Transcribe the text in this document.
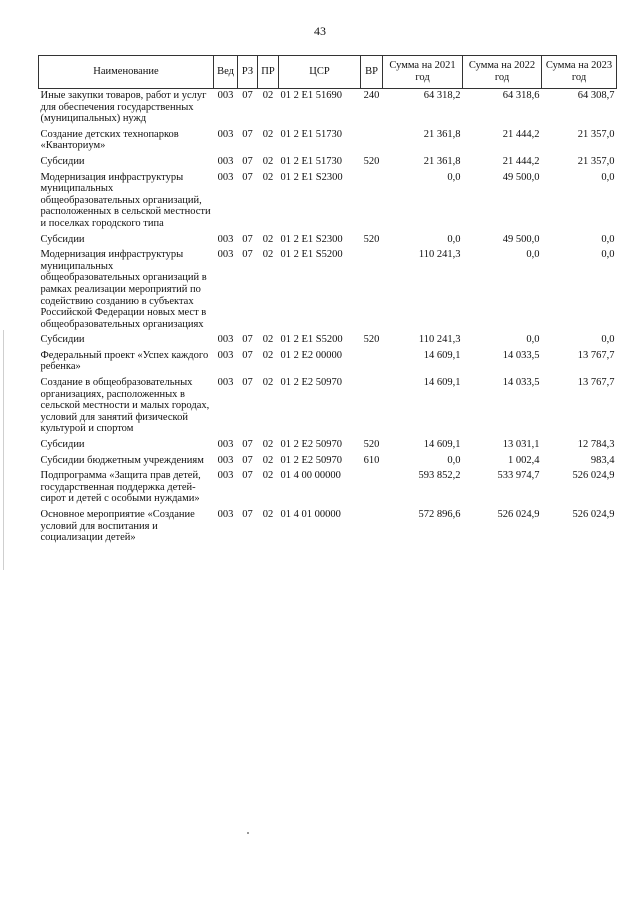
43
Наименование	Вед	РЗ	ПР	ЦСР	ВР	Сумма на 2021 год	Сумма на 2022 год	Сумма на 2023 год
Иные закупки товаров, работ и услуг для обеспечения государственных (муниципальных) нужд	003	07	02	01 2 E1 51690	240	64 318,2	64 318,6	64 308,7
Создание детских технопарков «Кванториум»	003	07	02	01 2 E1 51730		21 361,8	21 444,2	21 357,0
Субсидии	003	07	02	01 2 E1 51730	520	21 361,8	21 444,2	21 357,0
Модернизация инфраструктуры муниципальных общеобразовательных организаций, расположенных в сельской местности и поселках городского типа	003	07	02	01 2 E1 S2300		0,0	49 500,0	0,0
Субсидии	003	07	02	01 2 E1 S2300	520	0,0	49 500,0	0,0
Модернизация инфраструктуры муниципальных общеобразовательных организаций в рамках реализации мероприятий по содействию созданию в субъектах Российской Федерации новых мест в общеобразовательных организациях	003	07	02	01 2 E1 S5200		110 241,3	0,0	0,0
Субсидии	003	07	02	01 2 E1 S5200	520	110 241,3	0,0	0,0
Федеральный проект «Успех каждого ребенка»	003	07	02	01 2 E2 00000		14 609,1	14 033,5	13 767,7
Создание в общеобразовательных организациях, расположенных в сельской местности и малых городах, условий для занятий физической культурой и спортом	003	07	02	01 2 E2 50970		14 609,1	14 033,5	13 767,7
Субсидии	003	07	02	01 2 E2 50970	520	14 609,1	13 031,1	12 784,3
Субсидии бюджетным учреждениям	003	07	02	01 2 E2 50970	610	0,0	1 002,4	983,4
Подпрограмма «Защита прав детей, государственная поддержка детей-сирот и детей с особыми нуждами»	003	07	02	01 4 00 00000		593 852,2	533 974,7	526 024,9
Основное мероприятие «Создание условий для воспитания и социализации детей»	003	07	02	01 4 01 00000		572 896,6	526 024,9	526 024,9
